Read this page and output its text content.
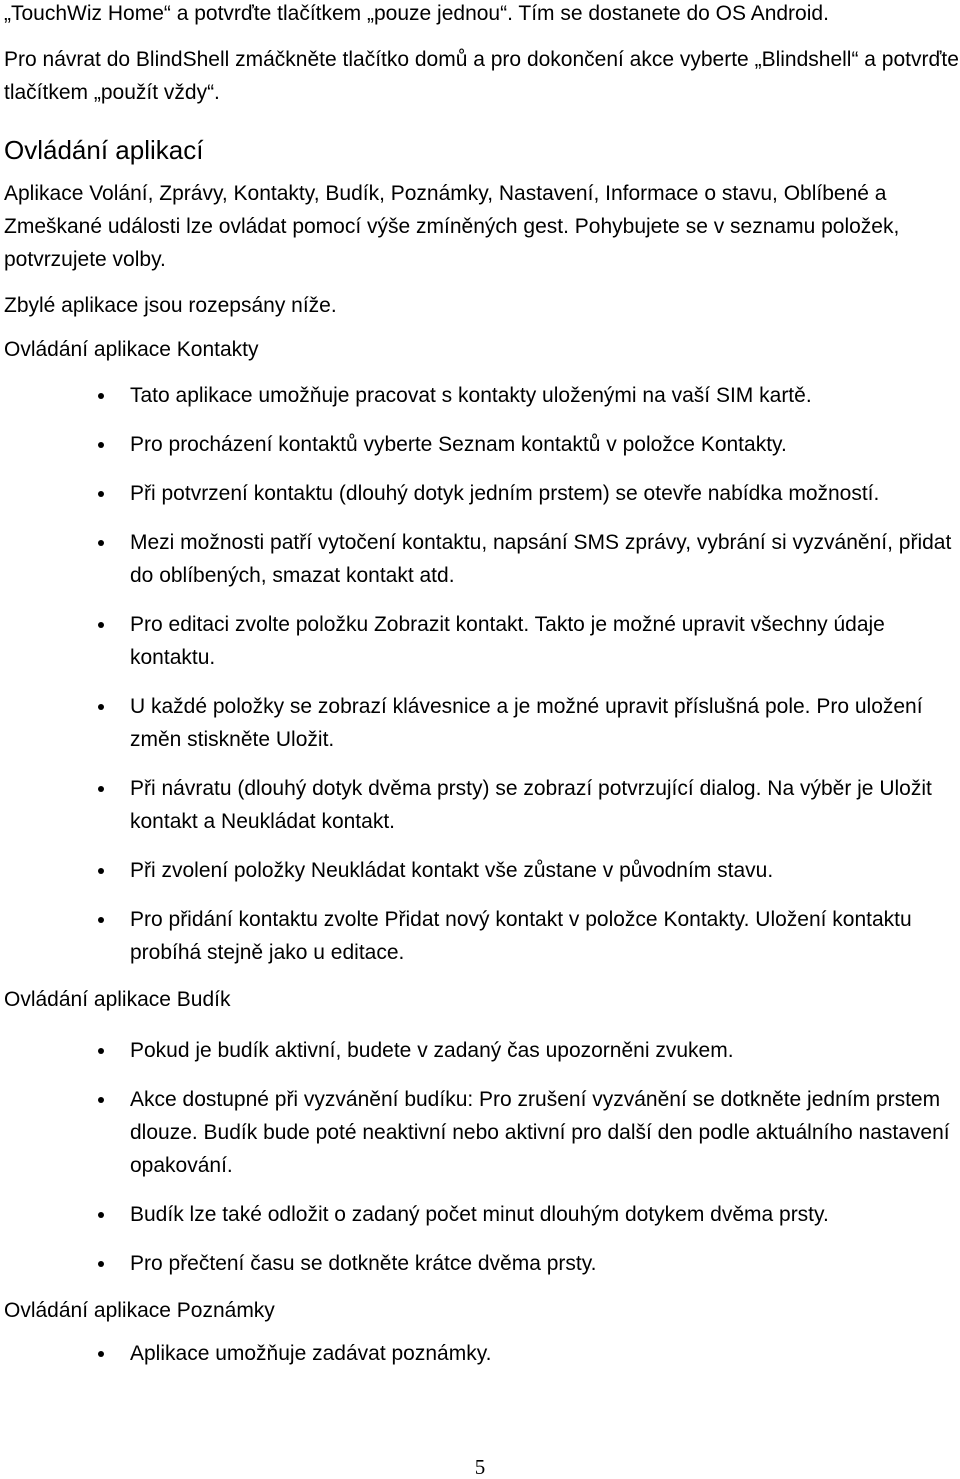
„TouchWiz Home“ a potvrďte tlačítkem „pouze jednou“. Tím se dostanete do OS Android.

Pro návrat do BlindShell zmáčkněte tlačítko domů a pro dokončení akce vyberte „Blindshell“ a potvrďte tlačítkem „použít vždy“.

Ovládání aplikací

Aplikace Volání, Zprávy, Kontakty, Budík, Poznámky, Nastavení, Informace o stavu, Oblíbené a Zmeškané události lze ovládat pomocí výše zmíněných gest. Pohybujete se v seznamu položek, potvrzujete volby.

Zbylé aplikace jsou rozepsány níže.

Ovládání aplikace Kontakty
Tato aplikace umožňuje pracovat s kontakty uloženými na vaší SIM kartě.
Pro procházení kontaktů vyberte Seznam kontaktů v položce Kontakty.
Při potvrzení kontaktu (dlouhý dotyk jedním prstem) se otevře nabídka možností.
Mezi možnosti patří vytočení kontaktu, napsání SMS zprávy, vybrání si vyzvánění, přidat do oblíbených, smazat kontakt atd.
Pro editaci zvolte položku Zobrazit kontakt. Takto je možné upravit všechny údaje kontaktu.
U každé položky se zobrazí klávesnice a je možné upravit příslušná pole. Pro uložení změn stiskněte Uložit.
Při návratu (dlouhý dotyk dvěma prsty) se zobrazí potvrzující dialog. Na výběr je Uložit kontakt a Neukládat kontakt.
Při zvolení položky Neukládat kontakt vše zůstane v původním stavu.
Pro přidání kontaktu zvolte Přidat nový kontakt v položce Kontakty. Uložení kontaktu probíhá stejně jako u editace.
Ovládání aplikace Budík
Pokud je budík aktivní, budete v zadaný čas upozorněni zvukem.
Akce dostupné při vyzvánění budíku: Pro zrušení vyzvánění se dotkněte jedním prstem dlouze. Budík bude poté neaktivní nebo aktivní pro další den podle aktuálního nastavení opakování.
Budík lze také odložit o zadaný počet minut dlouhým dotykem dvěma prsty.
Pro přečtení času se dotkněte krátce dvěma prsty.
Ovládání aplikace Poznámky
Aplikace umožňuje zadávat poznámky.
5
